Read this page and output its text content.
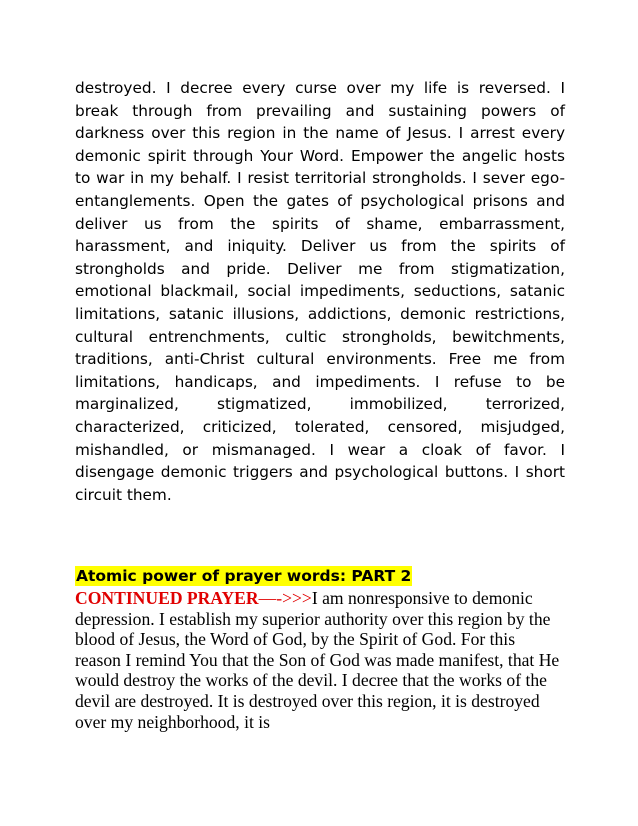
destroyed. I decree every curse over my life is reversed. I break through from prevailing and sustaining powers of darkness over this region in the name of Jesus. I arrest every demonic spirit through Your Word. Empower the angelic hosts to war in my behalf. I resist territorial strongholds. I sever ego-entanglements. Open the gates of psychological prisons and deliver us from the spirits of shame, embarrassment, harassment, and iniquity. Deliver us from the spirits of strongholds and pride. Deliver me from stigmatization, emotional blackmail, social impediments, seductions, satanic limitations, satanic illusions, addictions, demonic restrictions, cultural entrenchments, cultic strongholds, bewitchments, traditions, anti-Christ cultural environments. Free me from limitations, handicaps, and impediments. I refuse to be marginalized, stigmatized, immobilized, terrorized, characterized, criticized, tolerated, censored, misjudged, mishandled, or mismanaged. I wear a cloak of favor. I disengage demonic triggers and psychological buttons. I short circuit them.

Atomic power of prayer words: PART 2

CONTINUED PRAYER—->>>I am nonresponsive to demonic depression. I establish my superior authority over this region by the blood of Jesus, the Word of God, by the Spirit of God. For this reason I remind You that the Son of God was made manifest, that He would destroy the works of the devil. I decree that the works of the devil are destroyed. It is destroyed over this region, it is destroyed over my neighborhood, it is
